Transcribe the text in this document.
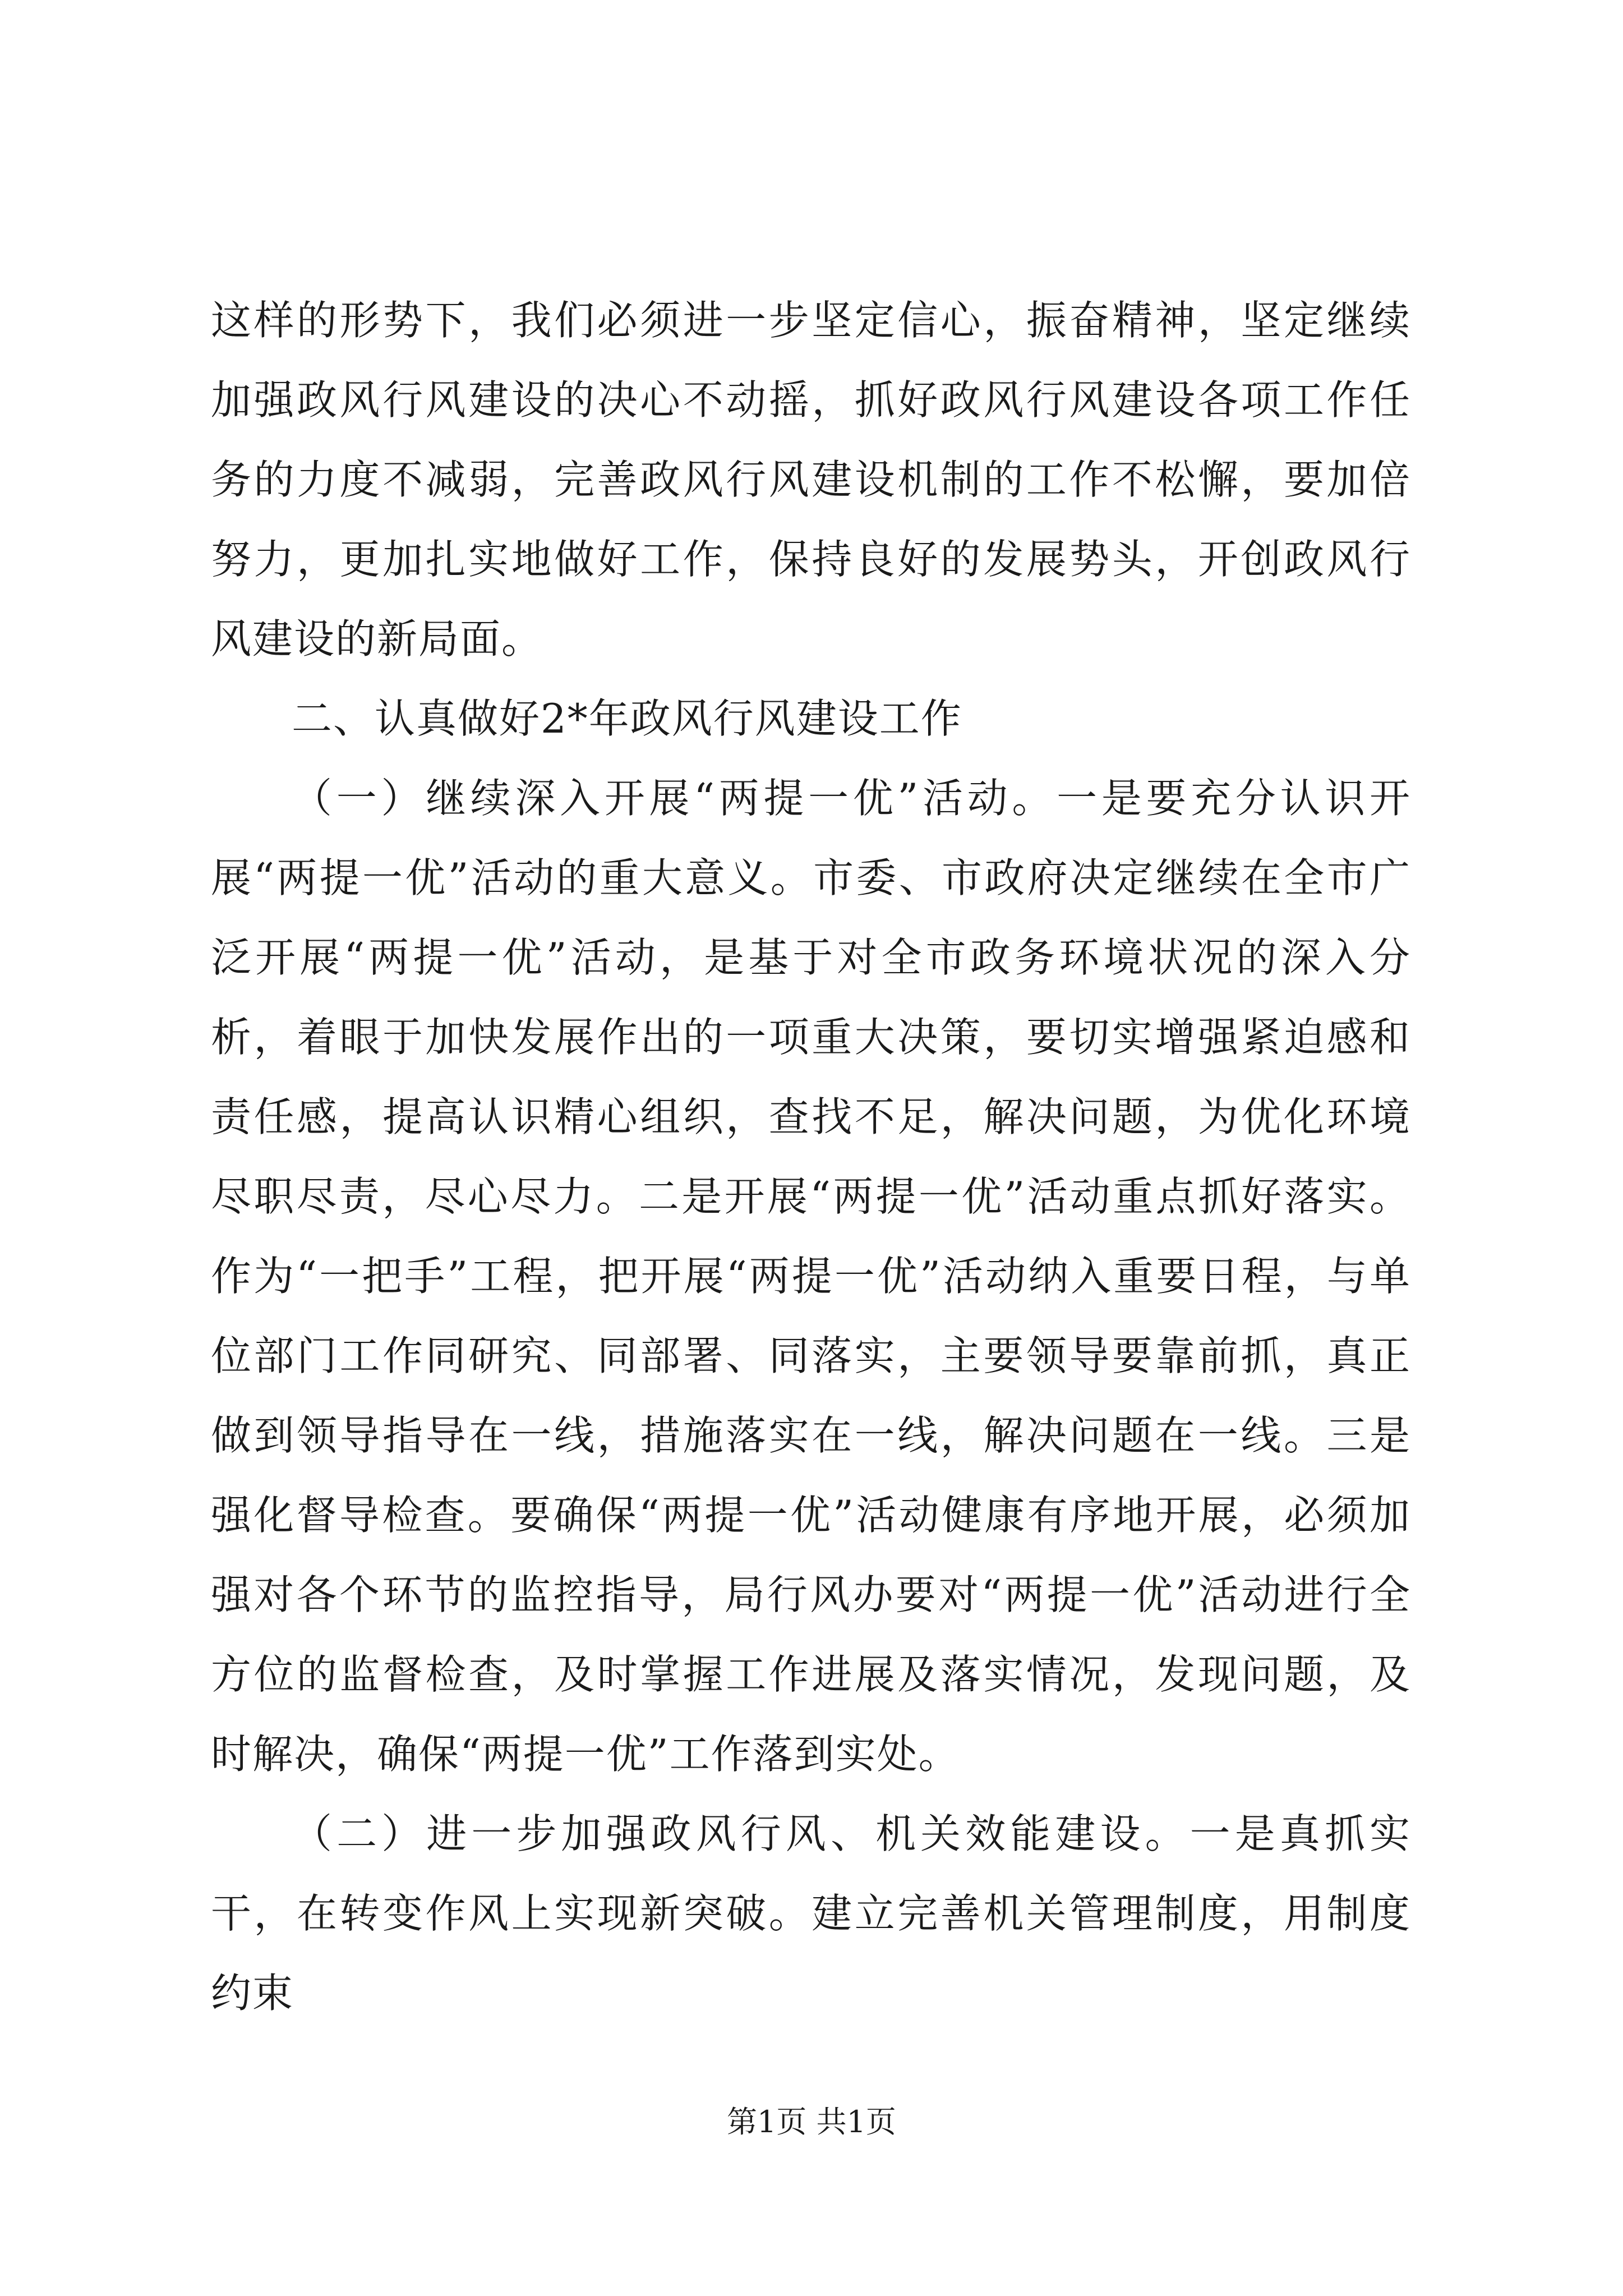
这样的形势下，我们必须进一步坚定信心，振奋精神，坚定继续加强政风行风建设的决心不动摇，抓好政风行风建设各项工作任务的力度不减弱，完善政风行风建设机制的工作不松懈，要加倍努力，更加扎实地做好工作，保持良好的发展势头，开创政风行风建设的新局面。

二、认真做好2*年政风行风建设工作

（一）继续深入开展“两提一优”活动。一是要充分认识开展“两提一优”活动的重大意义。市委、市政府决定继续在全市广泛开展“两提一优”活动，是基于对全市政务环境状况的深入分析，着眼于加快发展作出的一项重大决策，要切实增强紧迫感和责任感，提高认识精心组织，查找不足，解决问题，为优化环境尽职尽责，尽心尽力。二是开展“两提一优”活动重点抓好落实。作为“一把手”工程，把开展“两提一优”活动纳入重要日程，与单位部门工作同研究、同部署、同落实，主要领导要靠前抓，真正做到领导指导在一线，措施落实在一线，解决问题在一线。三是强化督导检查。要确保“两提一优”活动健康有序地开展，必须加强对各个环节的监控指导，局行风办要对“两提一优”活动进行全方位的监督检查，及时掌握工作进展及落实情况，发现问题，及时解决，确保“两提一优”工作落到实处。

（二）进一步加强政风行风、机关效能建设。一是真抓实干，在转变作风上实现新突破。建立完善机关管理制度，用制度约束

第1页 共1页
